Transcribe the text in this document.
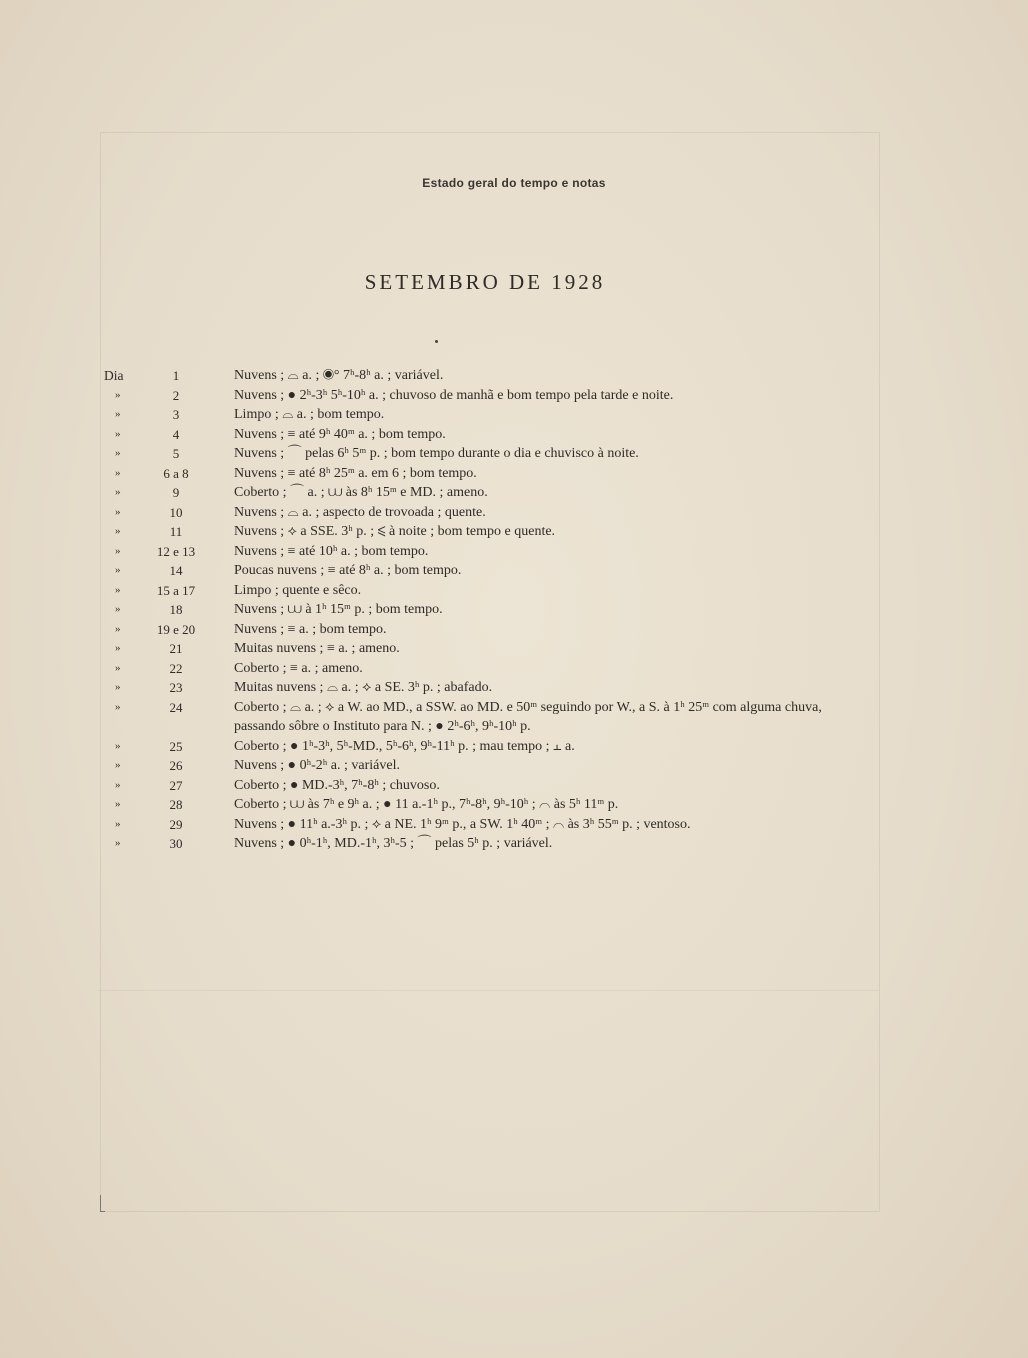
Estado geral do tempo e notas
SETEMBRO DE 1928
Dia	1	Nuvens ; ⌓ a. ; ◉° 7ʰ-8ʰ a. ; variável.
»	2	Nuvens ; ● 2ʰ-3ʰ 5ʰ-10ʰ a. ; chuvoso de manhã e bom tempo pela tarde e noite.
»	3	Limpo ; ⌓ a. ; bom tempo.
»	4	Nuvens ; ≡ até 9ʰ 40ᵐ a. ; bom tempo.
»	5	Nuvens ; ⌒ pelas 6ʰ 5ᵐ p. ; bom tempo durante o dia e chuvisco à noite.
»	6 a 8	Nuvens ; ≡ até 8ʰ 25ᵐ a. em 6 ; bom tempo.
»	9	Coberto ; ⌒ a. ; ⩊ às 8ʰ 15ᵐ e MD. ; ameno.
»	10	Nuvens ; ⌓ a. ; aspecto de trovoada ; quente.
»	11	Nuvens ; ⟡ a SSE. 3ʰ p. ; ⩽ à noite ; bom tempo e quente.
»	12 e 13	Nuvens ; ≡ até 10ʰ a. ; bom tempo.
»	14	Poucas nuvens ; ≡ até 8ʰ a. ; bom tempo.
»	15 a 17	Limpo ; quente e sêco.
»	18	Nuvens ; ⩊ à 1ʰ 15ᵐ p. ; bom tempo.
»	19 e 20	Nuvens ; ≡ a. ; bom tempo.
»	21	Muitas nuvens ; ≡ a. ; ameno.
»	22	Coberto ; ≡ a. ; ameno.
»	23	Muitas nuvens ; ⌓ a. ; ⟡ a SE. 3ʰ p. ; abafado.
»	24	Coberto ; ⌓ a. ; ⟡ a W. ao MD., a SSW. ao MD. e 50ᵐ seguindo por W., a S. à 1ʰ 25ᵐ com alguma chuva, passando sôbre o Instituto para N. ; ● 2ʰ-6ʰ, 9ʰ-10ʰ p.
»	25	Coberto ; ● 1ʰ-3ʰ, 5ʰ-MD., 5ʰ-6ʰ, 9ʰ-11ʰ p. ; mau tempo ; ⫠ a.
»	26	Nuvens ; ● 0ʰ-2ʰ a. ; variável.
»	27	Coberto ; ● MD.-3ʰ, 7ʰ-8ʰ ; chuvoso.
»	28	Coberto ; ⩊ às 7ʰ e 9ʰ a. ; ● 11 a.-1ʰ p., 7ʰ-8ʰ, 9ʰ-10ʰ ; ⌒ às 5ʰ 11ᵐ p.
»	29	Nuvens ; ● 11ʰ a.-3ʰ p. ; ⟡ a NE. 1ʰ 9ᵐ p., a SW. 1ʰ 40ᵐ ; ⌒ às 3ʰ 55ᵐ p. ; ventoso.
»	30	Nuvens ; ● 0ʰ-1ʰ, MD.-1ʰ, 3ʰ-5 ; ⌒ pelas 5ʰ p. ; variável.
